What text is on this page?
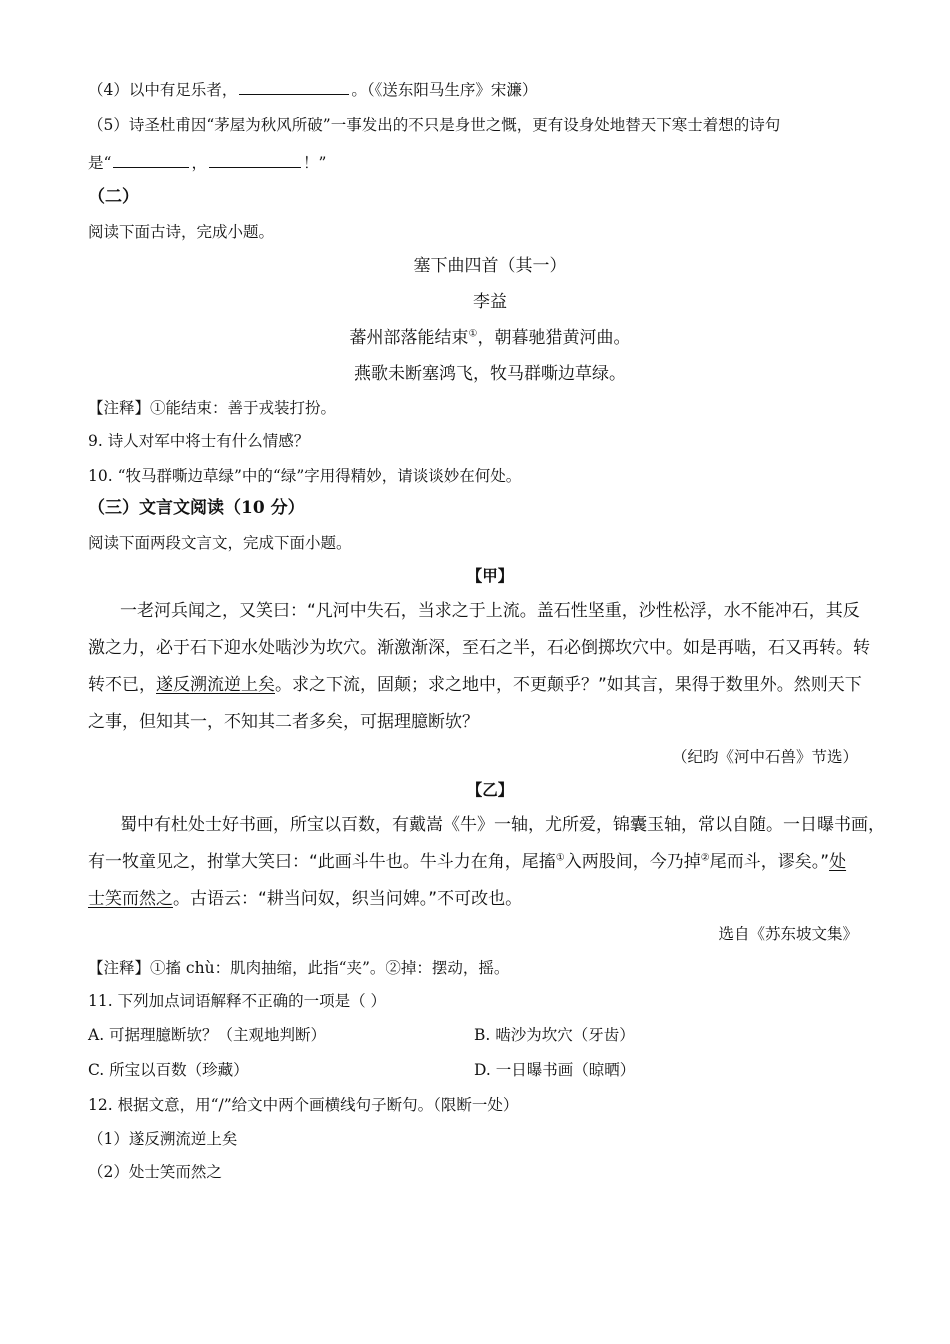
（4）以中有足乐者，	。（《送东阳马生序》宋濂）
（5）诗圣杜甫因“茅屋为秋风所破”一事发出的不只是身世之慨，更有设身处地替天下寒士着想的诗句
是“	，	！”
（二）
阅读下面古诗，完成小题。
塞下曲四首（其一）
李益
蕃州部落能结束①，朝暮驰猎黄河曲。
燕歌未断塞鸿飞，牧马群嘶边草绿。
【注释】①能结束：善于戎装打扮。
9. 诗人对军中将士有什么情感？
10. “牧马群嘶边草绿”中的“绿”字用得精妙，请谈谈妙在何处。
（三）文言文阅读（10 分）
阅读下面两段文言文，完成下面小题。
【甲】
一老河兵闻之，又笑曰：“凡河中失石，当求之于上流。盖石性坚重，沙性松浮，水不能冲石，其反
激之力，必于石下迎水处啮沙为坎穴。渐激渐深，至石之半，石必倒掷坎穴中。如是再啮，石又再转。转
转不已，遂反溯流逆上矣。求之下流，固颠；求之地中，不更颠乎？”如其言，果得于数里外。然则天下
之事，但知其一，不知其二者多矣，可据理臆断欤？
（纪昀《河中石兽》节选）
【乙】
蜀中有杜处士好书画，所宝以百数，有戴嵩《牛》一轴，尤所爱，锦囊玉轴，常以自随。一日曝书画，
有一牧童见之，拊掌大笑曰：“此画斗牛也。牛斗力在角，尾搐①入两股间，今乃掉②尾而斗，谬矣。”处
士笑而然之。古语云：“耕当问奴，织当问婢。”不可改也。
选自《苏东坡文集》
【注释】①搐 chù：肌肉抽缩，此指“夹”。②掉：摆动，摇。
11. 下列加点词语解释不正确的一项是（ ）
A. 可据理臆断欤？（主观地判断）	B. 啮沙为坎穴（牙齿）
C. 所宝以百数（珍藏）	D. 一日曝书画（晾晒）
12. 根据文意，用“/”给文中两个画横线句子断句。（限断一处）
（1）遂反溯流逆上矣
（2）处士笑而然之
